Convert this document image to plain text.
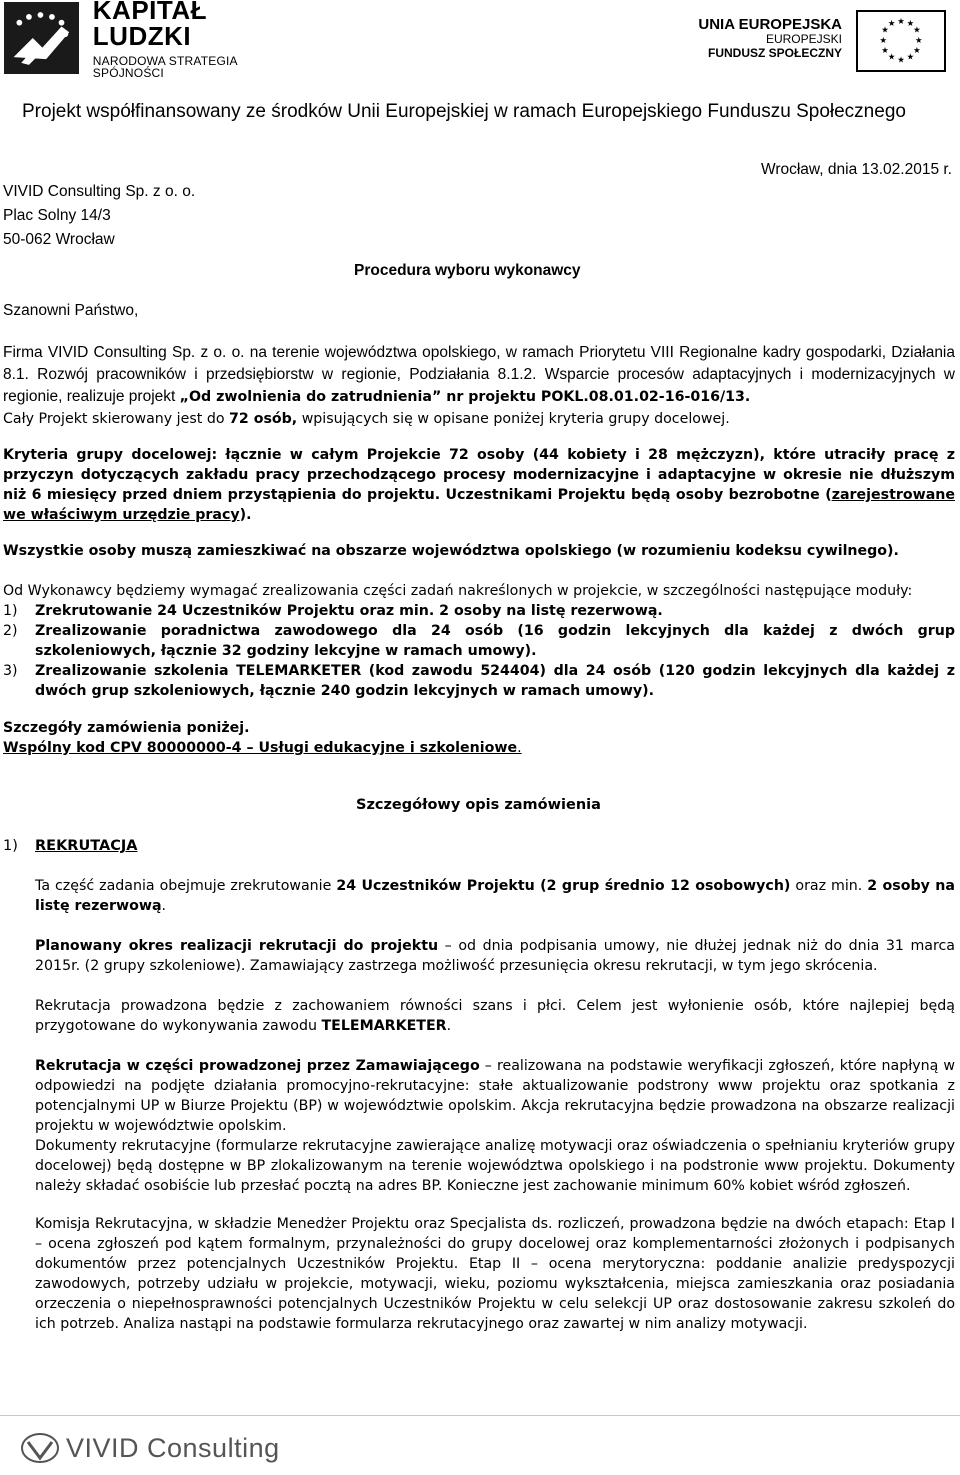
KAPITAŁ LUDZKI
NARODOWA STRATEGIA SPÓJNOŚCI
UNIA EUROPEJSKA
EUROPEJSKI
FUNDUSZ SPOŁECZNY
★ ★
★
★
★
★
★
★
★
★
★
★
Projekt współfinansowany ze środków Unii Europejskiej w ramach Europejskiego Funduszu Społecznego
VIVID Consulting Sp. z o. o.
Plac Solny 14/3
50-062 Wrocław
Wrocław, dnia 13.02.2015 r.
Procedura wyboru wykonawcy
Szanowni Państwo,

Firma VIVID Consulting Sp. z o. o. na terenie województwa opolskiego, w ramach Priorytetu VIII Regionalne kadry gospodarki, Działania 8.1. Rozwój pracowników i przedsiębiorstw w regionie, Podziałania 8.1.2. Wsparcie procesów adaptacyjnych i modernizacyjnych w regionie, realizuje projekt „Od zwolnienia do zatrudnienia” nr projektu POKL.08.01.02-16-016/13.

Cały Projekt skierowany jest do 72 osób, wpisujących się w opisane poniżej kryteria grupy docelowej.

Kryteria grupy docelowej: łącznie w całym Projekcie 72 osoby (44 kobiety i 28 mężczyzn), które utraciły pracę z przyczyn dotyczących zakładu pracy przechodzącego procesy modernizacyjne i adaptacyjne w okresie nie dłuższym niż 6 miesięcy przed dniem przystąpienia do projektu. Uczestnikami Projektu będą osoby bezrobotne (zarejestrowane we właściwym urzędzie pracy).
Wszystkie osoby muszą zamieszkiwać na obszarze województwa opolskiego (w rozumieniu kodeksu cywilnego).

Od Wykonawcy będziemy wymagać zrealizowania części zadań nakreślonych w projekcie, w szczególności następujące moduły:

1)	Zrekrutowanie 24 Uczestników Projektu oraz min. 2 osoby na listę rezerwową.
2)	Zrealizowanie poradnictwa zawodowego dla 24 osób (16 godzin lekcyjnych dla każdej z dwóch grup szkoleniowych, łącznie 32 godziny lekcyjne w ramach umowy).
3)	Zrealizowanie szkolenia TELEMARKETER (kod zawodu 524404) dla 24 osób (120 godzin lekcyjnych dla każdej z dwóch grup szkoleniowych, łącznie 240 godzin lekcyjnych w ramach umowy).

Szczegóły zamówienia poniżej.

Wspólny kod CPV 80000000-4 – Usługi edukacyjne i szkoleniowe.

Szczegółowy opis zamówienia
1)	REKRUTACJA
Ta część zadania obejmuje zrekrutowanie 24 Uczestników Projektu (2 grup średnio 12 osobowych) oraz min. 2 osoby na listę rezerwową.
Planowany okres realizacji rekrutacji do projektu – od dnia podpisania umowy, nie dłużej jednak niż do dnia 31 marca 2015r. (2 grupy szkoleniowe). Zamawiający zastrzega możliwość przesunięcia okresu rekrutacji, w tym jego skrócenia.
Rekrutacja prowadzona będzie z zachowaniem równości szans i płci. Celem jest wyłonienie osób, które najlepiej będą przygotowane do wykonywania zawodu TELEMARKETER.
Rekrutacja w części prowadzonej przez Zamawiającego – realizowana na podstawie weryfikacji zgłoszeń, które napłyną w odpowiedzi na podjęte działania promocyjno-rekrutacyjne: stałe aktualizowanie podstrony www projektu oraz spotkania z potencjalnymi UP w Biurze Projektu (BP) w województwie opolskim. Akcja rekrutacyjna będzie prowadzona na obszarze realizacji projektu w województwie opolskim.
Dokumenty rekrutacyjne (formularze rekrutacyjne zawierające analizę motywacji oraz oświadczenia o spełnianiu kryteriów grupy docelowej) będą dostępne w BP zlokalizowanym na terenie województwa opolskiego i na podstronie www projektu. Dokumenty należy składać osobiście lub przesłać pocztą na adres BP. Konieczne jest zachowanie minimum 60% kobiet wśród zgłoszeń.
Komisja Rekrutacyjna, w składzie Menedżer Projektu oraz Specjalista ds. rozliczeń, prowadzona będzie na dwóch etapach: Etap I – ocena zgłoszeń pod kątem formalnym, przynależności do grupy docelowej oraz komplementarności złożonych i podpisanych dokumentów przez potencjalnych Uczestników Projektu. Etap II – ocena merytoryczna: poddanie analizie predyspozycji zawodowych, potrzeby udziału w projekcie, motywacji, wieku, poziomu wykształcenia, miejsca zamieszkania oraz posiadania orzeczenia o niepełnosprawności potencjalnych Uczestników Projektu w celu selekcji UP oraz dostosowanie zakresu szkoleń do ich potrzeb. Analiza nastąpi na podstawie formularza rekrutacyjnego oraz zawartej w nim analizy motywacji.
VIVID Consulting
